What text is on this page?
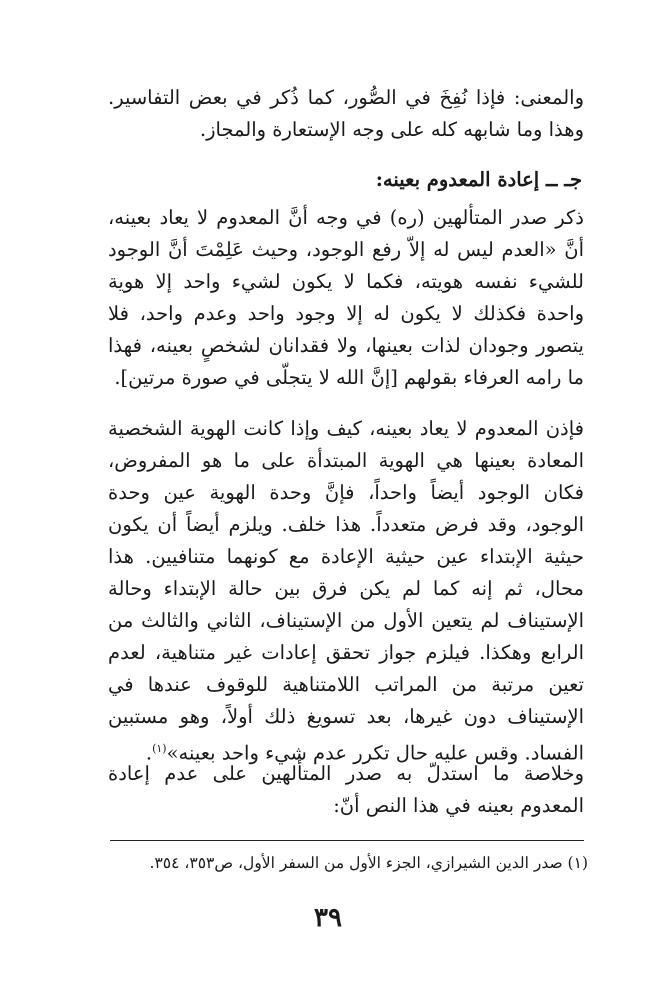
والمعنى: فإذا نُفِخَ في الصُّور، كما ذُكر في بعض التفاسير. وهذا وما شابهه كله على وجه الإستعارة والمجاز.

جـ ــ إعادة المعدوم بعينه:

ذكر صدر المتألهين (ره) في وجه أنَّ المعدوم لا يعاد بعينه، أنَّ «العدم ليس له إلاّ رفع الوجود، وحيث عَلِمْتَ أنَّ الوجود للشيء نفسه هويته، فكما لا يكون لشيء واحد إلا هوية واحدة فكذلك لا يكون له إلا وجود واحد وعدم واحد، فلا يتصور وجودان لذات بعينها، ولا فقدانان لشخصٍ بعينه، فهذا ما رامه العرفاء بقولهم [إنَّ الله لا يتجلّى في صورة مرتين].

فإذن المعدوم لا يعاد بعينه، كيف وإذا كانت الهوية الشخصية المعادة بعينها هي الهوية المبتدأة على ما هو المفروض، فكان الوجود أيضاً واحداً، فإنَّ وحدة الهوية عين وحدة الوجود، وقد فرض متعدداً. هذا خلف. ويلزم أيضاً أن يكون حيثية الإبتداء عين حيثية الإعادة مع كونهما متنافيين. هذا محال، ثم إنه كما لم يكن فرق بين حالة الإبتداء وحالة الإستيناف لم يتعين الأول من الإستيناف، الثاني والثالث من الرابع وهكذا. فيلزم جواز تحقق إعادات غير متناهية، لعدم تعين مرتبة من المراتب اللامتناهية للوقوف عندها في الإستيناف دون غيرها، بعد تسويغ ذلك أولاً، وهو مستبين الفساد. وقس عليه حال تكرر عدم شيء واحد بعينه»$^{(١)}$.

وخلاصة ما استدلّ به صدر المتألهين على عدم إعادة المعدوم بعينه في هذا النص أنّ:

(١) صدر الدين الشيرازي، الجزء الأول من السفر الأول، ص٣٥٣، ٣٥٤.

٣٩
